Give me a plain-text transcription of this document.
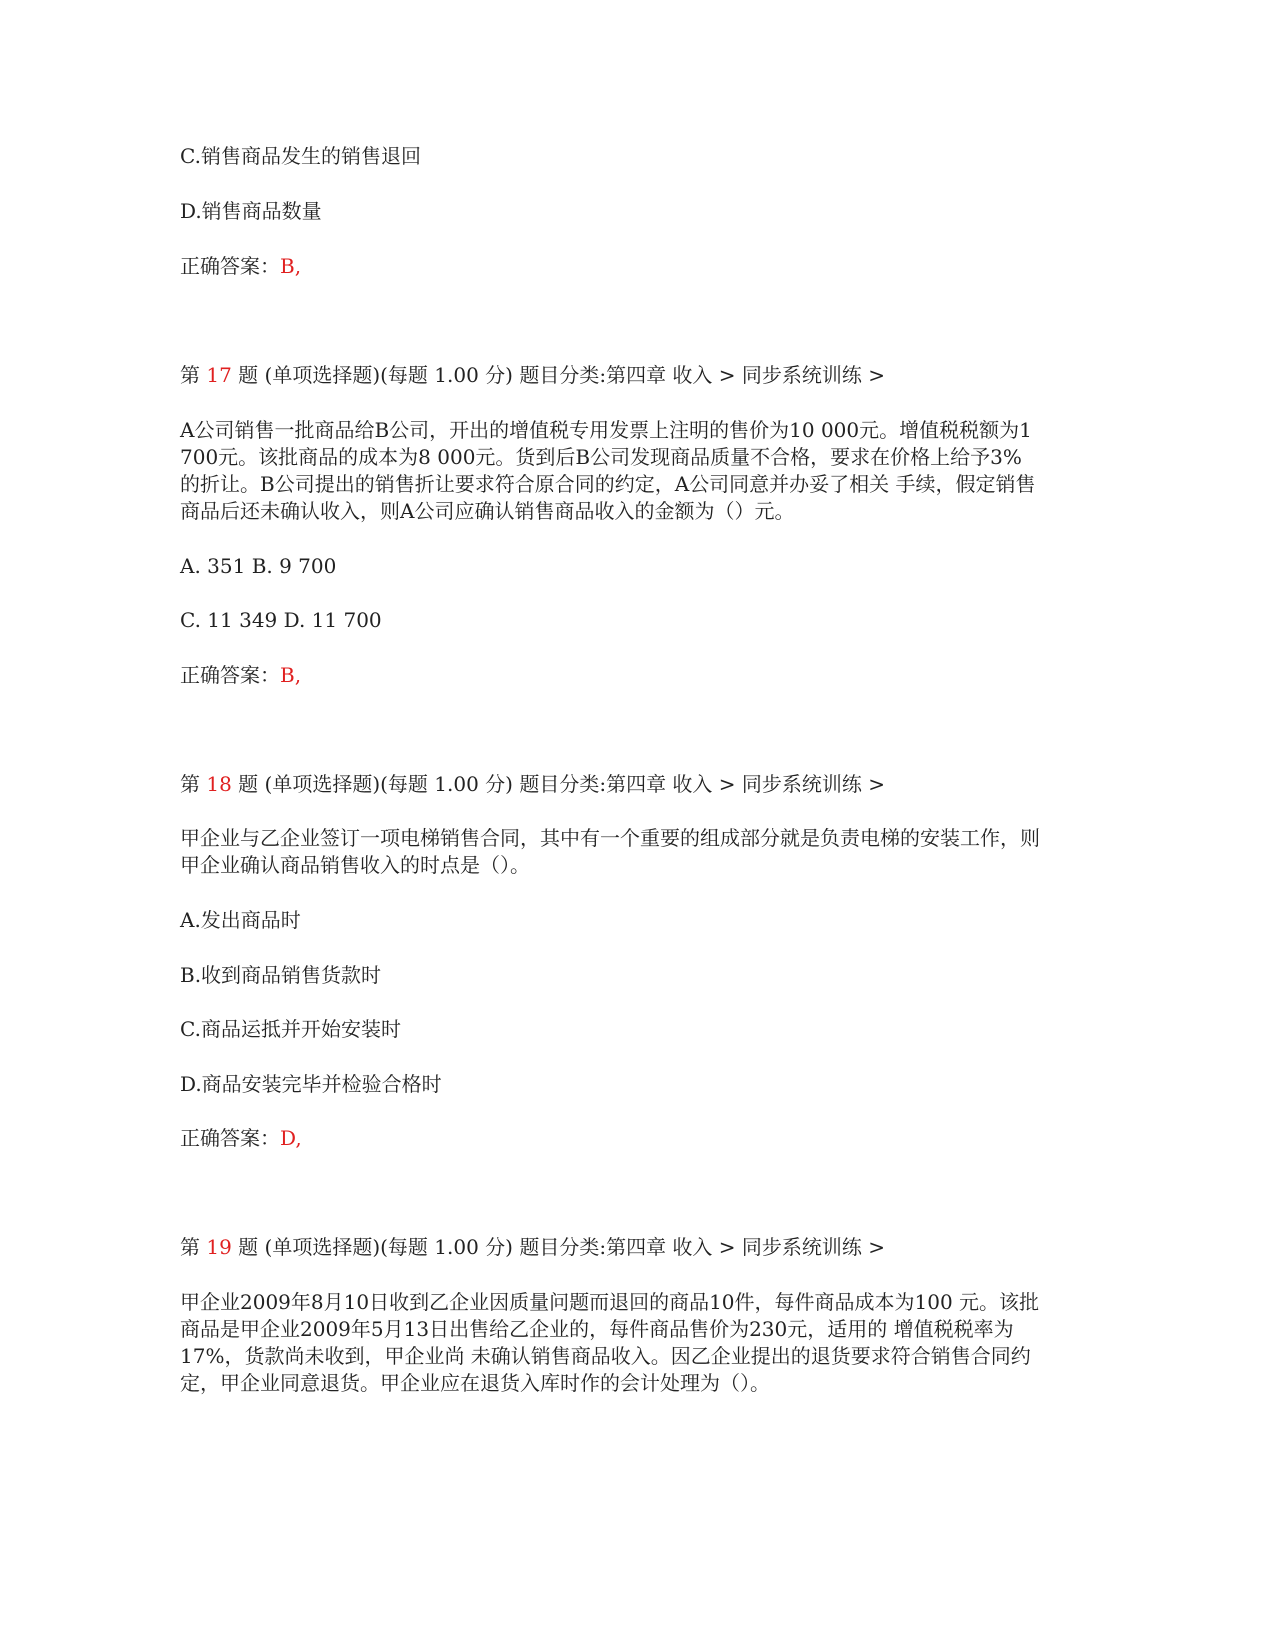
C.销售商品发生的销售退回
D.销售商品数量
正确答案：B,
第 17 题 (单项选择题)(每题 1.00 分) 题目分类:第四章 收入 > 同步系统训练 >
A公司销售一批商品给B公司，开出的增值税专用发票上注明的售价为10 000元。增值税税额为1 700元。该批商品的成本为8 000元。货到后B公司发现商品质量不合格，要求在价格上给予3%的折让。B公司提出的销售折让要求符合原合同的约定，A公司同意并办妥了相关 手续，假定销售商品后还未确认收入，则A公司应确认销售商品收入的金额为（）元。
A. 351 B. 9 700
C. 11 349 D. 11 700
正确答案：B,
第 18 题 (单项选择题)(每题 1.00 分) 题目分类:第四章 收入 > 同步系统训练 >
甲企业与乙企业签订一项电梯销售合同，其中有一个重要的组成部分就是负责电梯的安装工作，则甲企业确认商品销售收入的时点是（）。
A.发出商品时
B.收到商品销售货款时
C.商品运抵并开始安装时
D.商品安装完毕并检验合格时
正确答案：D,
第 19 题 (单项选择题)(每题 1.00 分) 题目分类:第四章 收入 > 同步系统训练 >
甲企业2009年8月10日收到乙企业因质量问题而退回的商品10件，每件商品成本为100 元。该批商品是甲企业2009年5月13日出售给乙企业的，每件商品售价为230元，适用的 增值税税率为17%，货款尚未收到，甲企业尚 未确认销售商品收入。因乙企业提出的退货要求符合销售合同约定，甲企业同意退货。甲企业应在退货入库时作的会计处理为（）。
